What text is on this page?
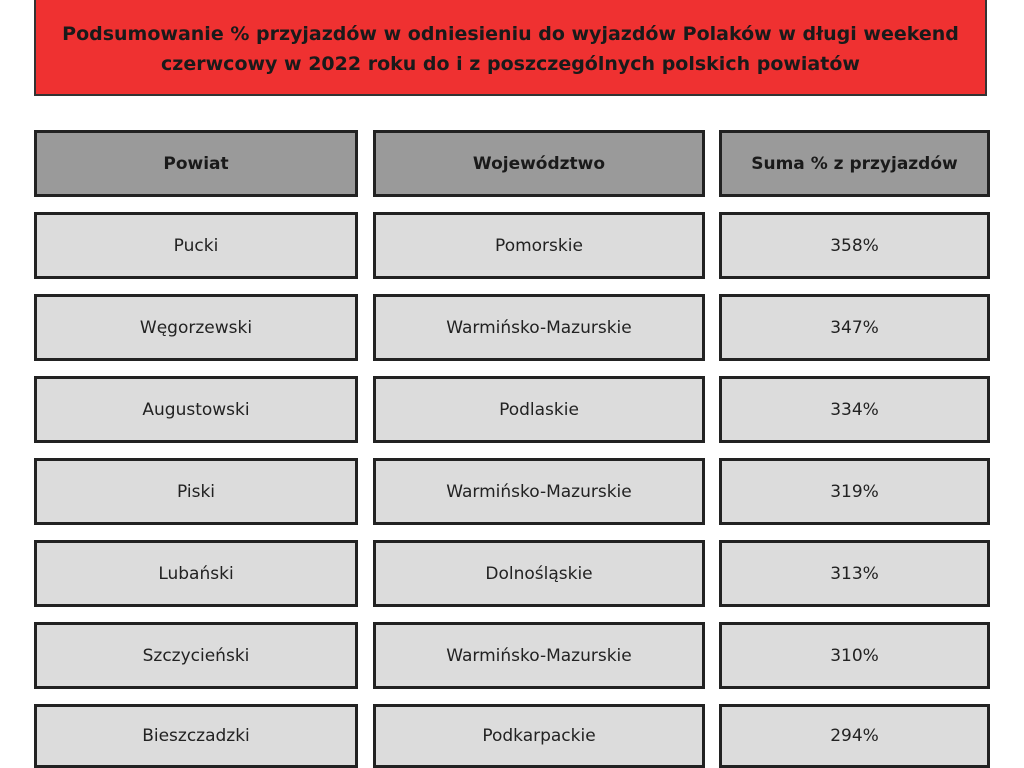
Podsumowanie % przyjazdów w odniesieniu do wyjazdów Polaków w długi weekend czerwcowy w 2022 roku do i z poszczególnych polskich powiatów
Powiat	Województwo	Suma % z przyjazdów
Pucki	Pomorskie	358%
Węgorzewski	Warmińsko-Mazurskie	347%
Augustowski	Podlaskie	334%
Piski	Warmińsko-Mazurskie	319%
Lubański	Dolnośląskie	313%
Szczycieński	Warmińsko-Mazurskie	310%
Bieszczadzki	Podkarpackie	294%
